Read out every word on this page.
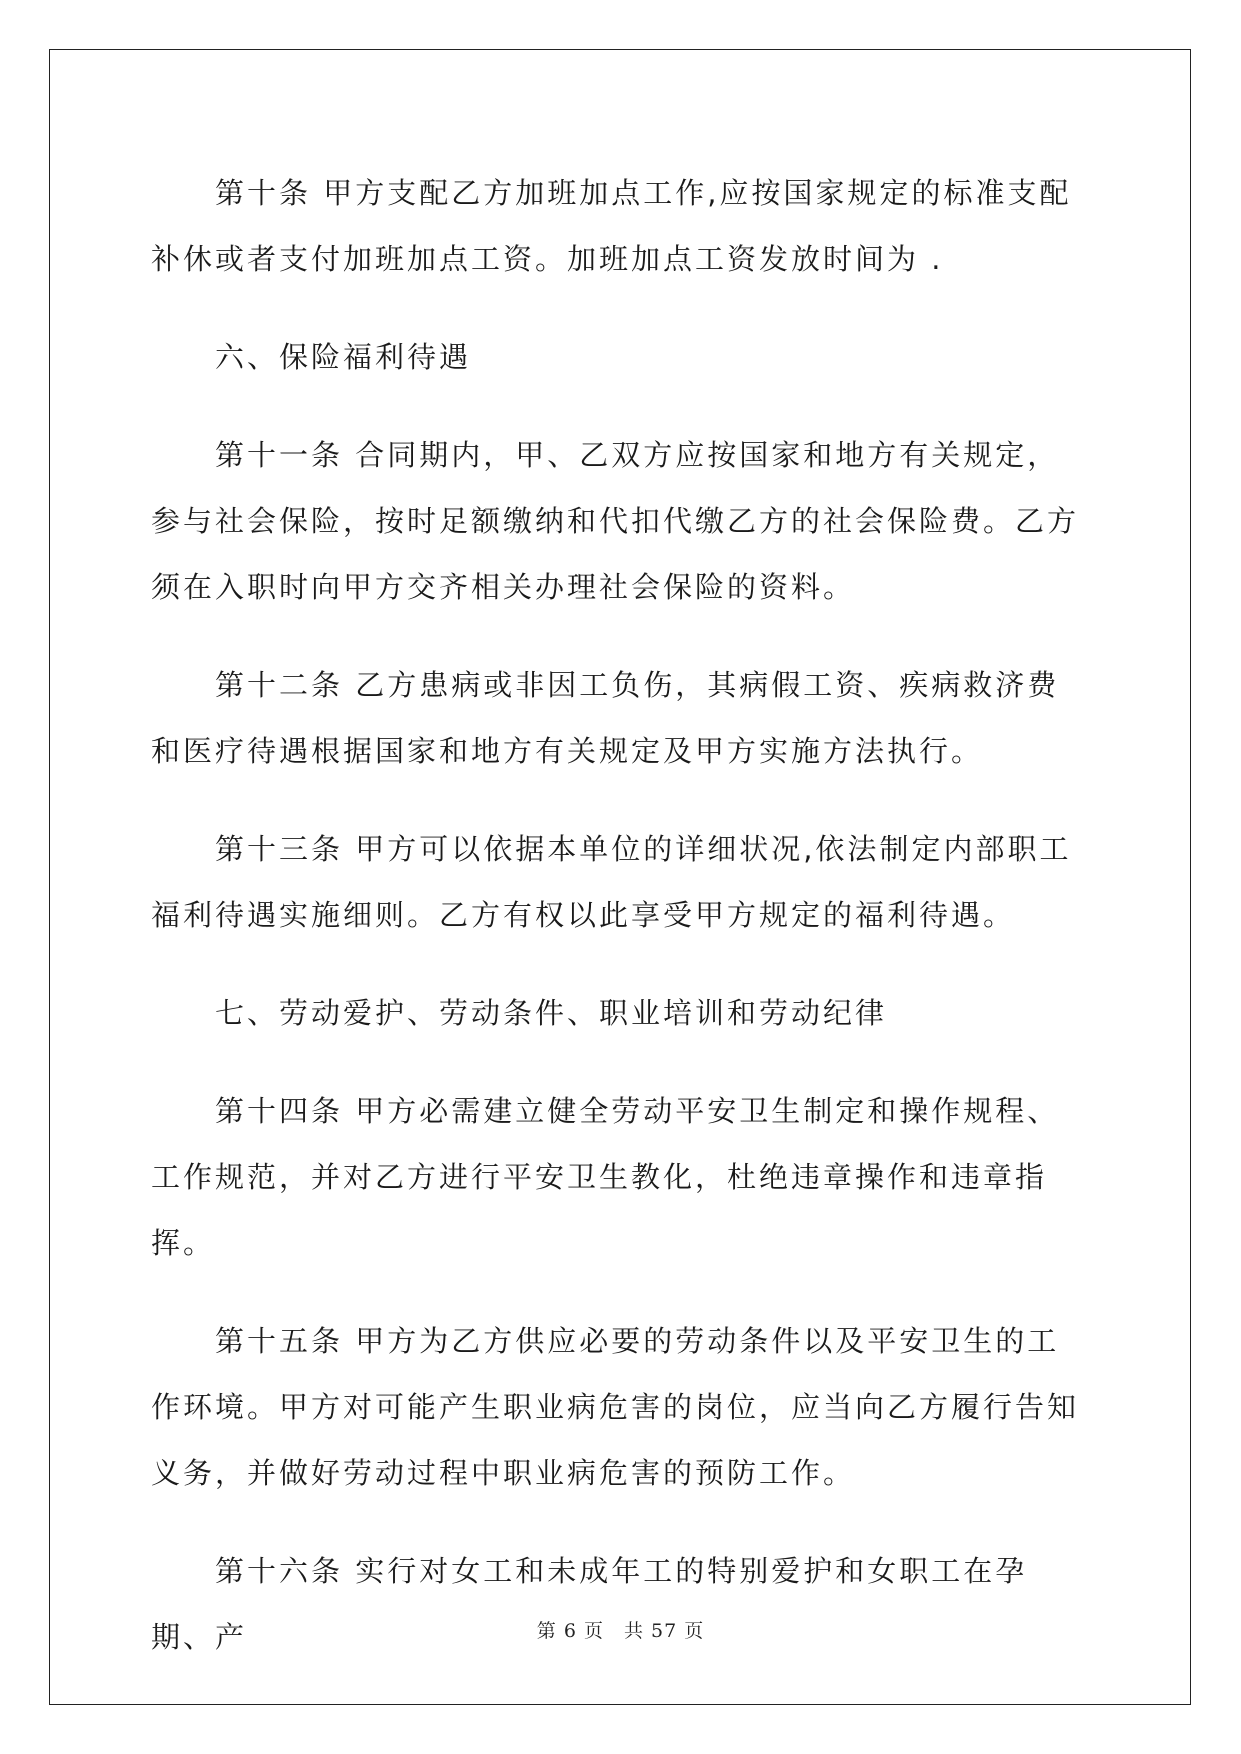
第十条 甲方支配乙方加班加点工作,应按国家规定的标准支配补休或者支付加班加点工资。加班加点工资发放时间为 .

六、保险福利待遇

第十一条 合同期内，甲、乙双方应按国家和地方有关规定，参与社会保险，按时足额缴纳和代扣代缴乙方的社会保险费。乙方须在入职时向甲方交齐相关办理社会保险的资料。

第十二条 乙方患病或非因工负伤，其病假工资、疾病救济费和医疗待遇根据国家和地方有关规定及甲方实施方法执行。

第十三条 甲方可以依据本单位的详细状况,依法制定内部职工福利待遇实施细则。乙方有权以此享受甲方规定的福利待遇。

七、劳动爱护、劳动条件、职业培训和劳动纪律

第十四条 甲方必需建立健全劳动平安卫生制定和操作规程、工作规范，并对乙方进行平安卫生教化，杜绝违章操作和违章指挥。

第十五条 甲方为乙方供应必要的劳动条件以及平安卫生的工作环境。甲方对可能产生职业病危害的岗位，应当向乙方履行告知义务，并做好劳动过程中职业病危害的预防工作。

第十六条 实行对女工和未成年工的特别爱护和女职工在孕期、产	第 6 页　共 57 页
